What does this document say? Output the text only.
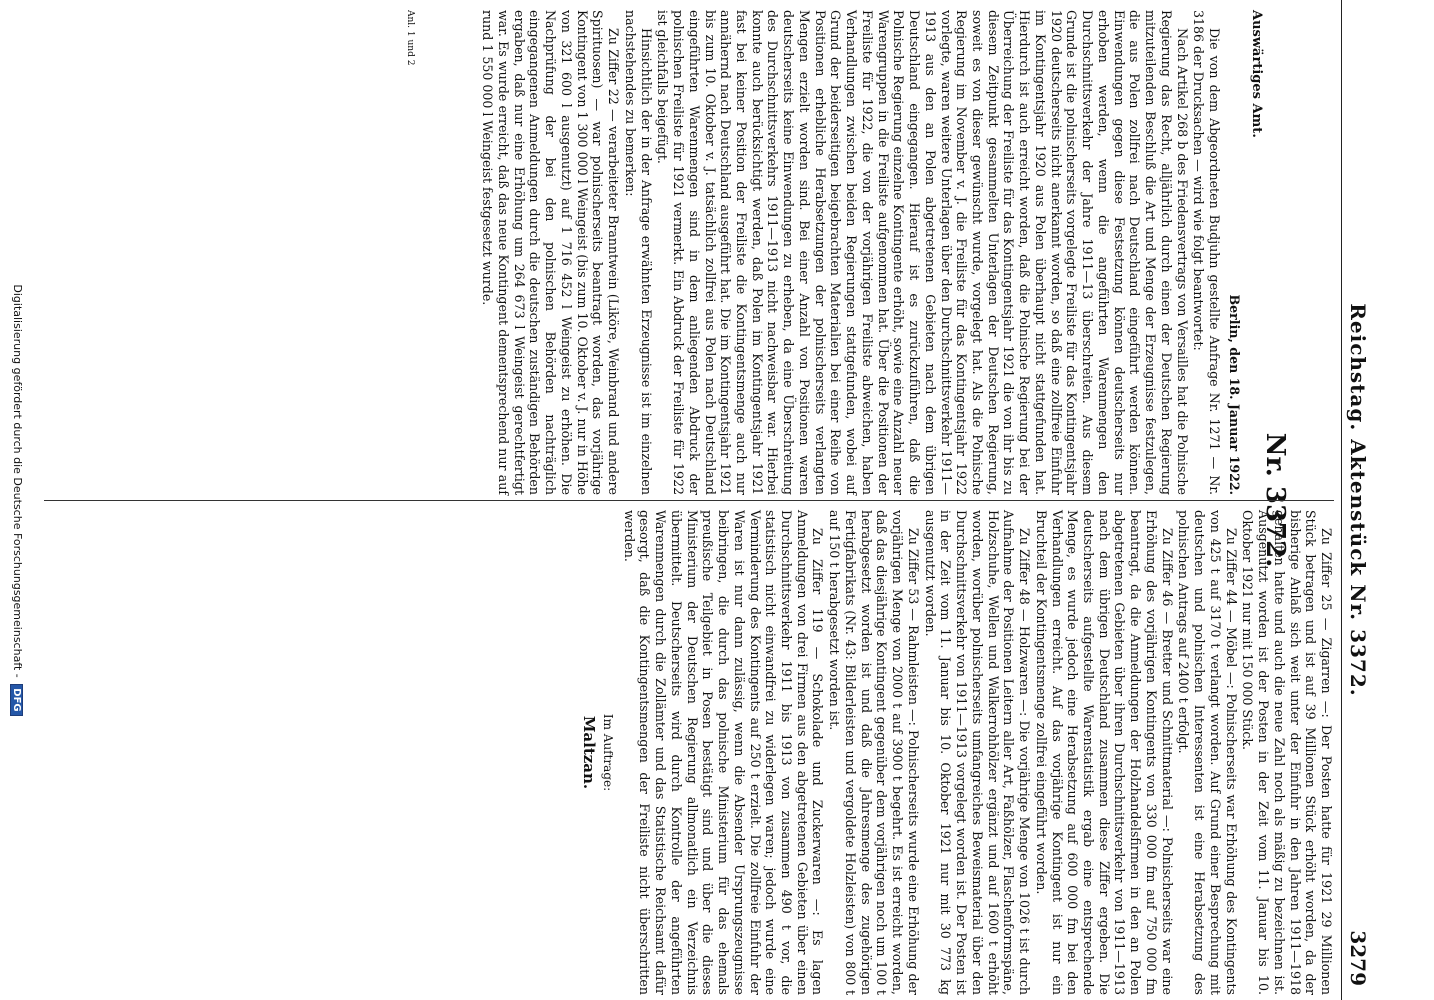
Reichstag. Aktenstück Nr. 3372.
3279
Nr. 3372.
Auswärtiges Amt.
Berlin, den 18. Januar 1922.

Die von dem Abgeordneten Budjuhn gestellte Anfrage Nr. 1271 — Nr. 3186 der Drucksachen — wird wie folgt beantwortet:

Nach Artikel 268 b des Friedensvertrags von Versailles hat die Polnische Regierung das Recht, alljährlich durch einen der Deutschen Regierung mitzuteilenden Beschluß die Art und Menge der Erzeugnisse festzulegen, die aus Polen zollfrei nach Deutschland eingeführt werden können. Einwendungen gegen diese Festsetzung können deutscherseits nur erhoben werden, wenn die angeführten Warenmengen den Durchschnittsverkehr der Jahre 1911—13 überschreiten. Aus diesem Grunde ist die polnischerseits vorgelegte Freiliste für das Kontingentsjahr 1920 deutscherseits nicht anerkannt worden, so daß eine zollfreie Einfuhr im Kontingentsjahr 1920 aus Polen überhaupt nicht stattgefunden hat. Hierdurch ist auch erreicht worden, daß die Polnische Regierung bei der Überreichung der Freiliste für das Kontingentsjahr 1921 die von ihr bis zu diesem Zeitpunkt gesammelten Unterlagen der Deutschen Regierung, soweit es von dieser gewünscht wurde, vorgelegt hat. Als die Polnische Regierung im November v. J. die Freiliste für das Kontingentsjahr 1922 vorlegte, waren weitere Unterlagen über den Durchschnittsverkehr 1911—1913 aus den an Polen abgetretenen Gebieten nach dem übrigen Deutschland eingegangen. Hierauf ist es zurückzuführen, daß die Polnische Regierung einzelne Kontingente erhöht, sowie eine Anzahl neuer Warengruppen in die Freiliste aufgenommen hat. Über die Positionen der Freiliste für 1922, die von der vorjährigen Freiliste abweichen, haben Verhandlungen zwischen beiden Regierungen stattgefunden, wobei auf Grund der beiderseitigen beigebrachten Materialien bei einer Reihe von Positionen erhebliche Herabsetzungen der polnischerseits verlangten Mengen erzielt worden sind. Bei einer Anzahl von Positionen waren deutscherseits keine Einwendungen zu erheben, da eine Überschreitung des Durchschnittsverkehrs 1911—1913 nicht nachweisbar war. Hierbei konnte auch berücksichtigt werden, daß Polen im Kontingentsjahr 1921 fast bei keiner Position der Freiliste die Kontingentsmenge auch nur annähernd nach Deutschland ausgeführt hat. Die im Kontingentsjahr 1921 bis zum 10. Oktober v. J. tatsächlich zollfrei aus Polen nach Deutschland eingeführten Warenmengen sind in dem anliegenden Abdruck der polnischen Freiliste für 1921 vermerkt. Ein Abdruck der Freiliste für 1922 ist gleichfalls beigefügt.

Hinsichtlich der in der Anfrage erwähnten Erzeugnisse ist im einzelnen nachstehendes zu bemerken:

Zu Ziffer 22 — verarbeiteter Branntwein (Liköre, Weinbrand und andere Spirituosen) — war polnischerseits beantragt worden, das vorjährige Kontingent von 1 300 000 l Weingeist (bis zum 10. Oktober v. J. nur in Höhe von 321 600 l ausgenutzt) auf 1 716 452 l Weingeist zu erhöhen. Die Nachprüfung der bei den polnischen Behörden nachträglich eingegangenen Anmeldungen durch die deutschen zuständigen Behörden ergaben, daß nur eine Erhöhung um 264 673 l Weingeist gerechtfertigt war. Es wurde erreicht, daß das neue Kontingent dementsprechend nur auf rund 1 550 000 l Weingeist festgesetzt wurde.

Anl. 1 und 2

Zu Ziffer 25 — Zigarren —: Der Posten hatte für 1921 29 Millionen Stück betragen und ist auf 39 Millionen Stück erhöht worden, da der bisherige Anlaß sich weit unter der Einfuhr in den Jahren 1911—1918 gehalten hatte und auch die neue Zahl noch als mäßig zu bezeichnen ist. Ausgenutzt worden ist der Posten in der Zeit vom 11. Januar bis 10. Oktober 1921 nur mit 150 000 Stück.

Zu Ziffer 44 — Möbel —: Polnischerseits war Erhöhung des Kontingents von 425 t auf 3170 t verlangt worden. Auf Grund einer Besprechung mit deutschen und polnischen Interessenten ist eine Herabsetzung des polnischen Antrags auf 2400 t erfolgt.

Zu Ziffer 46 — Bretter und Schnittmaterial —: Polnischerseits war eine Erhöhung des vorjährigen Kontingents von 330 000 fm auf 750 000 fm beantragt, da die Anmeldungen der Holzhandelsfirmen in den an Polen abgetretenen Gebieten über ihren Durchschnittsverkehr von 1911—1913 nach dem übrigen Deutschland zusammen diese Ziffer ergeben. Die deutscherseits aufgestellte Warenstatistik ergab eine entsprechende Menge, es wurde jedoch eine Herabsetzung auf 600 000 fm bei den Verhandlungen erreicht. Auf das vorjährige Kontingent ist nur ein Bruchteil der Kontingentsmenge zollfrei eingeführt worden.

Zu Ziffer 48 — Holzwaren —: Die vorjährige Menge von 1026 t ist durch Aufnahme der Positionen Leitern aller Art, Faßhölzer, Flaschenformspäne, Holzschuhe, Wellen und Walkerrohhölzer ergänzt und auf 1600 t erhöht worden, worüber polnischerseits umfangreiches Beweismaterial über den Durchschnittsverkehr von 1911—1913 vorgelegt worden ist. Der Posten ist in der Zeit vom 11. Januar bis 10. Oktober 1921 nur mit 30 773 kg ausgenutzt worden.

Zu Ziffer 53 — Rahmleisten —: Polnischerseits wurde eine Erhöhung der vorjährigen Menge von 2000 t auf 3900 t begehrt. Es ist erreicht worden, daß das diesjährige Kontingent gegenüber dem vorjährigen noch um 100 t herabgesetzt worden ist und daß die Jahresmenge des zugehörigen Fertigfabrikats (Nr. 43: Bilderleisten und vergoldete Holzleisten) von 800 t auf 150 t herabgesetzt worden ist.

Zu Ziffer 119 — Schokolade und Zuckerwaren —: Es lagen Anmeldungen von drei Firmen aus den abgetretenen Gebieten über einen Durchschnittsverkehr 1911 bis 1913 von zusammen 490 t vor, die statistisch nicht einwandfrei zu widerlegen waren; jedoch wurde eine Verminderung des Kontingents auf 250 t erzielt. Die zollfreie Einfuhr der Waren ist nur dann zulässig, wenn die Absender Ursprungszeugnisse beibringen, die durch das polnische Ministerium für das ehemals preußische Teilgebiet in Posen bestätigt sind und über die dieses Ministerium der Deutschen Regierung allmonatlich ein Verzeichnis übermittelt. Deutscherseits wird durch Kontrolle der angeführten Warenmengen durch die Zollämter und das Statistische Reichsamt dafür gesorgt, daß die Kontingentsmengen der Freiliste nicht überschritten werden.

Im Auftrage:
Maltzan.
Digitalisierung gefördert durch die Deutsche Forschungsgemeinschaft - DFG
